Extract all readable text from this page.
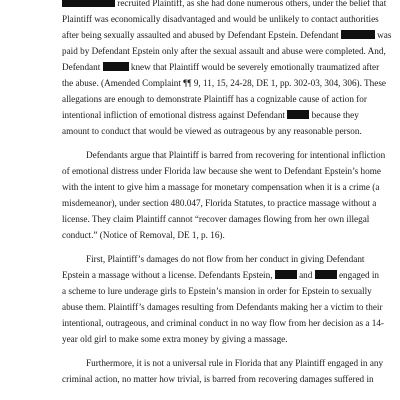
recruited Plaintiff, as she had done numerous others, under the belief that
Plaintiff was economically disadvantaged and would be unlikely to contact authorities
after being sexually assaulted and abused by Defendant Epstein. Defendant	was
paid by Defendant Epstein only after the sexual assault and abuse were completed. And,
Defendant	knew that Plaintiff would be severely emotionally traumatized after
the abuse. (Amended Complaint ¶¶ 9, 11, 15, 24-28, DE 1, pp. 302-03, 304, 306). These
allegations are enough to demonstrate Plaintiff has a cognizable cause of action for
intentional infliction of emotional distress against Defendant	because they
amount to conduct that would be viewed as outrageous by any reasonable person.
Defendants argue that Plaintiff is barred from recovering for intentional infliction
of emotional distress under Florida law because she went to Defendant Epstein’s home
with the intent to give him a massage for monetary compensation when it is a crime (a
misdemeanor), under section 480.047, Florida Statutes, to practice massage without a
license. They claim Plaintiff cannot “recover damages flowing from her own illegal
conduct.” (Notice of Removal, DE 1, p. 16).
First, Plaintiff’s damages do not flow from her conduct in giving Defendant
Epstein a massage without a license. Defendants Epstein,	and	engaged in
a scheme to lure underage girls to Epstein’s mansion in order for Epstein to sexually
abuse them. Plaintiff’s damages resulting from Defendants making her a victim to their
intentional, outrageous, and criminal conduct in no way flow from her decision as a 14-
year old girl to make some extra money by giving a massage.
Furthermore, it is not a universal rule in Florida that any Plaintiff engaged in any
criminal action, no matter how trivial, is barred from recovering damages suffered in
